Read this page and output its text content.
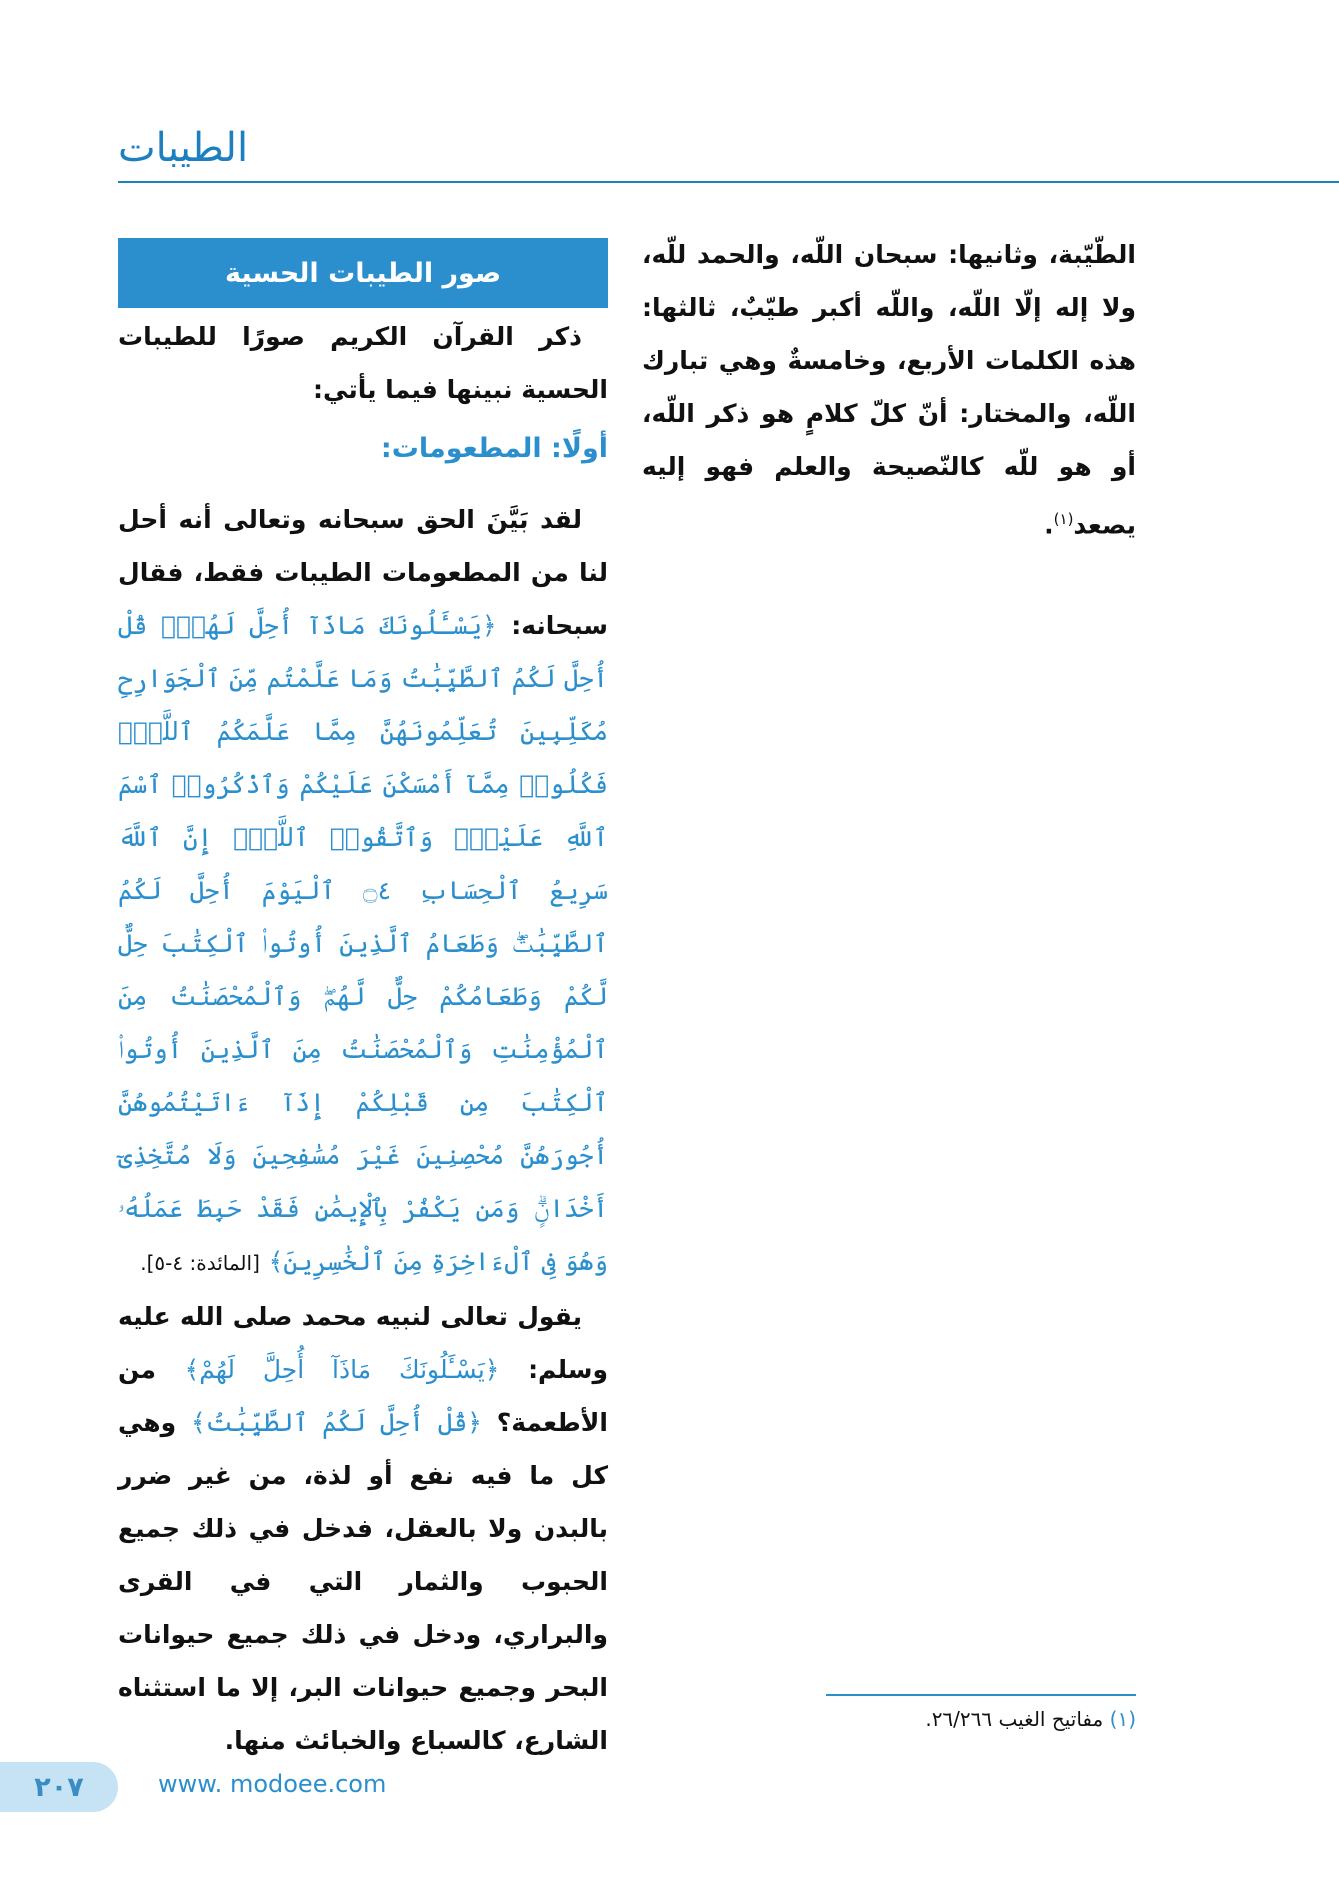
الطيبات

الطّيّبة، وثانيها: سبحان اللّه، والحمد للّه، ولا إله إلّا اللّه، واللّه أكبر طيّبٌ، ثالثها: هذه الكلمات الأربع، وخامسةٌ وهي تبارك اللّه، والمختار: أنّ كلّ كلامٍ هو ذكر اللّه، أو هو للّه كالنّصيحة والعلم فهو إليه يصعد$^{(١)}$.

صور الطيبات الحسية

ذكر القرآن الكريم صورًا للطيبات الحسية نبينها فيما يأتي:

أولًا: المطعومات:

لقد بَيَّنَ الحق سبحانه وتعالى أنه أحل لنا من المطعومات الطيبات فقط، فقال سبحانه: ﴿يَسْـَٔلُونَكَ مَاذَآ أُحِلَّ لَهُمْۖ قُلْ أُحِلَّ لَكُمُ ٱلطَّيِّبَٰتُ وَمَا عَلَّمْتُم مِّنَ ٱلْجَوَارِحِ مُكَلِّبِينَ تُعَلِّمُونَهُنَّ مِمَّا عَلَّمَكُمُ ٱللَّهُۖ فَكُلُوا۟ مِمَّآ أَمْسَكْنَ عَلَيْكُمْ وَٱذْكُرُوا۟ ٱسْمَ ٱللَّهِ عَلَيْهِۖ وَٱتَّقُوا۟ ٱللَّهَۚ إِنَّ ٱللَّهَ سَرِيعُ ٱلْحِسَابِ ۝٤ ٱلْيَوْمَ أُحِلَّ لَكُمُ ٱلطَّيِّبَٰتُۖ وَطَعَامُ ٱلَّذِينَ أُوتُوا۟ ٱلْكِتَٰبَ حِلٌّ لَّكُمْ وَطَعَامُكُمْ حِلٌّ لَّهُمْۖ وَٱلْمُحْصَنَٰتُ مِنَ ٱلْمُؤْمِنَٰتِ وَٱلْمُحْصَنَٰتُ مِنَ ٱلَّذِينَ أُوتُوا۟ ٱلْكِتَٰبَ مِن قَبْلِكُمْ إِذَآ ءَاتَيْتُمُوهُنَّ أُجُورَهُنَّ مُحْصِنِينَ غَيْرَ مُسَٰفِحِينَ وَلَا مُتَّخِذِىٓ أَخْدَانٍۗ وَمَن يَكْفُرْ بِٱلْإِيمَٰنِ فَقَدْ حَبِطَ عَمَلُهُۥ وَهُوَ فِى ٱلْءَاخِرَةِ مِنَ ٱلْخَٰسِرِينَ﴾ [المائدة: ٤-٥].

يقول تعالى لنبيه محمد صلى الله عليه وسلم: ﴿يَسْـَٔلُونَكَ مَاذَآ أُحِلَّ لَهُمْ﴾ من الأطعمة؟ ﴿قُلْ أُحِلَّ لَكُمُ ٱلطَّيِّبَٰتُ﴾ وهي كل ما فيه نفع أو لذة، من غير ضرر بالبدن ولا بالعقل، فدخل في ذلك جميع الحبوب والثمار التي في القرى والبراري، ودخل في ذلك جميع حيوانات البحر وجميع حيوانات البر، إلا ما استثناه الشارع، كالسباع والخبائث منها.

(١) مفاتيح الغيب ٢٦/٢٦٦.
٢٠٧	www. modoee.com
